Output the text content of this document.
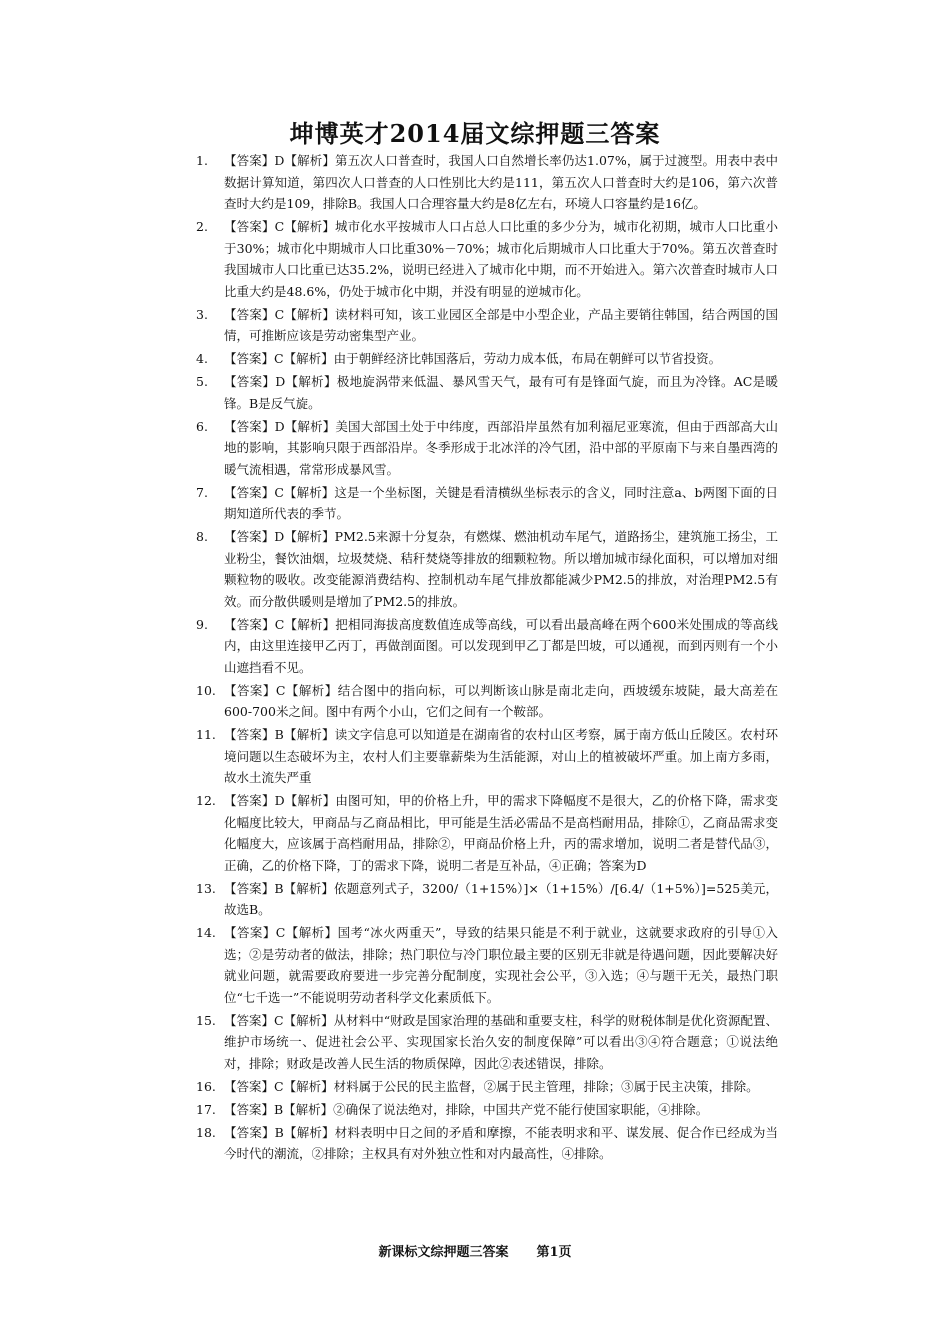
坤博英才2014届文综押题三答案
1.	【答案】D【解析】第五次人口普查时，我国人口自然增长率仍达1.07%，属于过渡型。用表中表中数据计算知道，第四次人口普查的人口性别比大约是111，第五次人口普查时大约是106，第六次普查时大约是109，排除B。我国人口合理容量大约是8亿左右，环境人口容量约是16亿。
2.	【答案】C【解析】城市化水平按城市人口占总人口比重的多少分为，城市化初期，城市人口比重小于30%；城市化中期城市人口比重30%－70%；城市化后期城市人口比重大于70%。第五次普查时我国城市人口比重已达35.2%，说明已经进入了城市化中期，而不开始进入。第六次普查时城市人口比重大约是48.6%，仍处于城市化中期，并没有明显的逆城市化。
3.	【答案】C【解析】读材料可知，该工业园区全部是中小型企业，产品主要销往韩国，结合两国的国情，可推断应该是劳动密集型产业。
4.	【答案】C【解析】由于朝鲜经济比韩国落后，劳动力成本低，布局在朝鲜可以节省投资。
5.	【答案】D【解析】极地旋涡带来低温、暴风雪天气，最有可有是锋面气旋，而且为冷锋。AC是暖锋。B是反气旋。
6.	【答案】D【解析】美国大部国土处于中纬度，西部沿岸虽然有加利福尼亚寒流，但由于西部高大山地的影响，其影响只限于西部沿岸。冬季形成于北冰洋的冷气团，沿中部的平原南下与来自墨西湾的暖气流相遇，常常形成暴风雪。
7.	【答案】C【解析】这是一个坐标图，关键是看清横纵坐标表示的含义，同时注意a、b两图下面的日期知道所代表的季节。
8.	【答案】D【解析】PM2.5来源十分复杂，有燃煤、燃油机动车尾气，道路扬尘，建筑施工扬尘，工业粉尘，餐饮油烟，垃圾焚烧、秸秆焚烧等排放的细颗粒物。所以增加城市绿化面积，可以增加对细颗粒物的吸收。改变能源消费结构、控制机动车尾气排放都能减少PM2.5的排放，对治理PM2.5有效。而分散供暖则是增加了PM2.5的排放。
9.	【答案】C【解析】把相同海拔高度数值连成等高线，可以看出最高峰在两个600米处围成的等高线内，由这里连接甲乙丙丁，再做剖面图。可以发现到甲乙丁都是凹坡，可以通视，而到丙则有一个小山遮挡看不见。
10. 【答案】C【解析】结合图中的指向标，可以判断该山脉是南北走向，西坡缓东坡陡，最大高差在600-700米之间。图中有两个小山，它们之间有一个鞍部。
11. 【答案】B【解析】读文字信息可以知道是在湖南省的农村山区考察，属于南方低山丘陵区。农村环境问题以生态破坏为主，农村人们主要靠薪柴为生活能源，对山上的植被破坏严重。加上南方多雨，故水土流失严重
12. 【答案】D【解析】由图可知，甲的价格上升，甲的需求下降幅度不是很大，乙的价格下降，需求变化幅度比较大，甲商品与乙商品相比，甲可能是生活必需品不是高档耐用品，排除①，乙商品需求变化幅度大，应该属于高档耐用品，排除②，甲商品价格上升，丙的需求增加，说明二者是替代品③，正确，乙的价格下降，丁的需求下降，说明二者是互补品，④正确；答案为D
13. 【答案】B【解析】依题意列式子，3200/（1+15%）]×（1+15%）/[6.4/（1+5%）]=525美元，故选B。
14. 【答案】C【解析】国考“冰火两重天”，导致的结果只能是不利于就业，这就要求政府的引导①入选；②是劳动者的做法，排除；热门职位与冷门职位最主要的区别无非就是待遇问题，因此要解决好就业问题，就需要政府要进一步完善分配制度，实现社会公平，③入选；④与题干无关，最热门职位“七千选一”不能说明劳动者科学文化素质低下。
15. 【答案】C【解析】从材料中“财政是国家治理的基础和重要支柱，科学的财税体制是优化资源配置、维护市场统一、促进社会公平、实现国家长治久安的制度保障”可以看出③④符合题意；①说法绝对，排除；财政是改善人民生活的物质保障，因此②表述错误，排除。
16. 【答案】C【解析】材料属于公民的民主监督，②属于民主管理，排除；③属于民主决策，排除。
17. 【答案】B【解析】②确保了说法绝对，排除，中国共产党不能行使国家职能，④排除。
18. 【答案】B【解析】材料表明中日之间的矛盾和摩擦，不能表明求和平、谋发展、促合作已经成为当今时代的潮流，②排除；主权具有对外独立性和对内最高性，④排除。
新课标文综押题三答案 第1页
